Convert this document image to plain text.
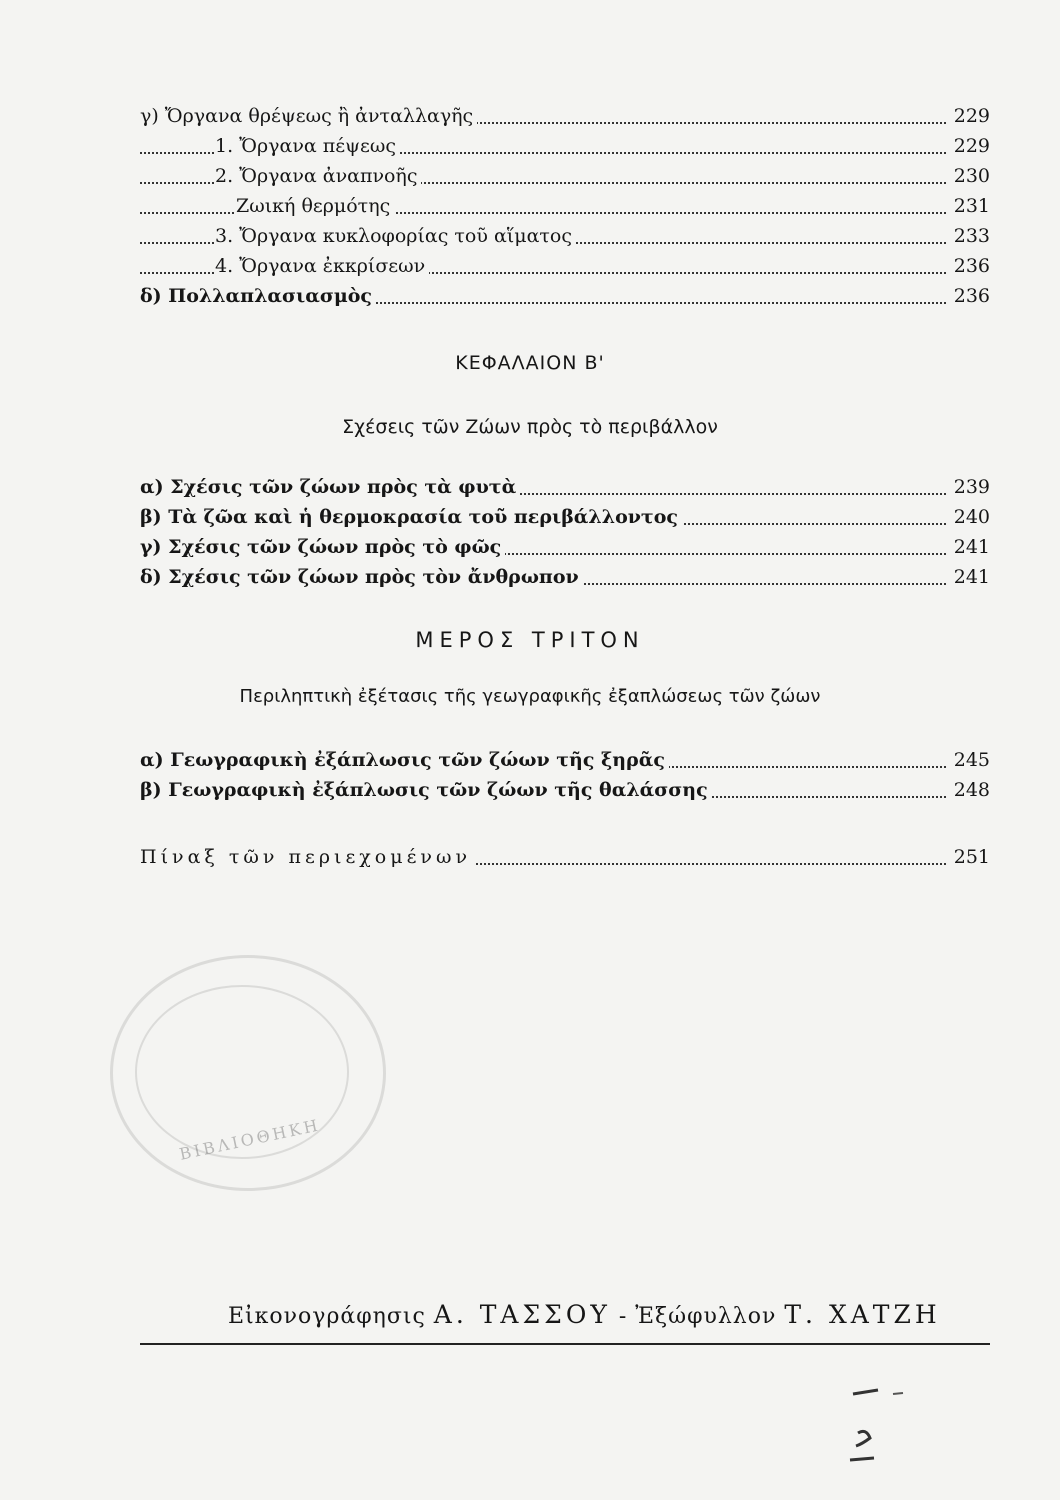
γ) Ὄργανα θρέψεως ἢ ἀνταλλαγῆς	229
1. Ὄργανα πέψεως	229
2. Ὄργανα ἀναπνοῆς	230
Ζωική θερμότης	231
3. Ὄργανα κυκλοφορίας τοῦ αἵματος	233
4. Ὄργανα ἐκκρίσεων	236
δ) Πολλαπλασιασμὸς	236
ΚΕΦΑΛΑΙΟΝ Β'
Σχέσεις τῶν Ζώων πρὸς τὸ περιβάλλον
α) Σχέσις τῶν ζώων πρὸς τὰ φυτὰ	239
β) Τὰ ζῶα καὶ ἡ θερμοκρασία τοῦ περιβάλλοντος	240
γ) Σχέσις τῶν ζώων πρὸς τὸ φῶς	241
δ) Σχέσις τῶν ζώων πρὸς τὸν ἄνθρωπον	241
ΜΕΡΟΣ ΤΡΙΤΟΝ
Περιληπτικὴ ἐξέτασις τῆς γεωγραφικῆς ἐξαπλώσεως τῶν ζώων
α) Γεωγραφικὴ ἐξάπλωσις τῶν ζώων τῆς ξηρᾶς	245
β) Γεωγραφικὴ ἐξάπλωσις τῶν ζώων τῆς θαλάσσης	248
Πίναξ τῶν περιεχομένων	251
ΒΙΒΛΙΟΘΗΚΗ
Εἰκονογράφησις Α. ΤΑΣΣΟΥ - Ἐξώφυλλον Τ. ΧΑΤΖΗ
